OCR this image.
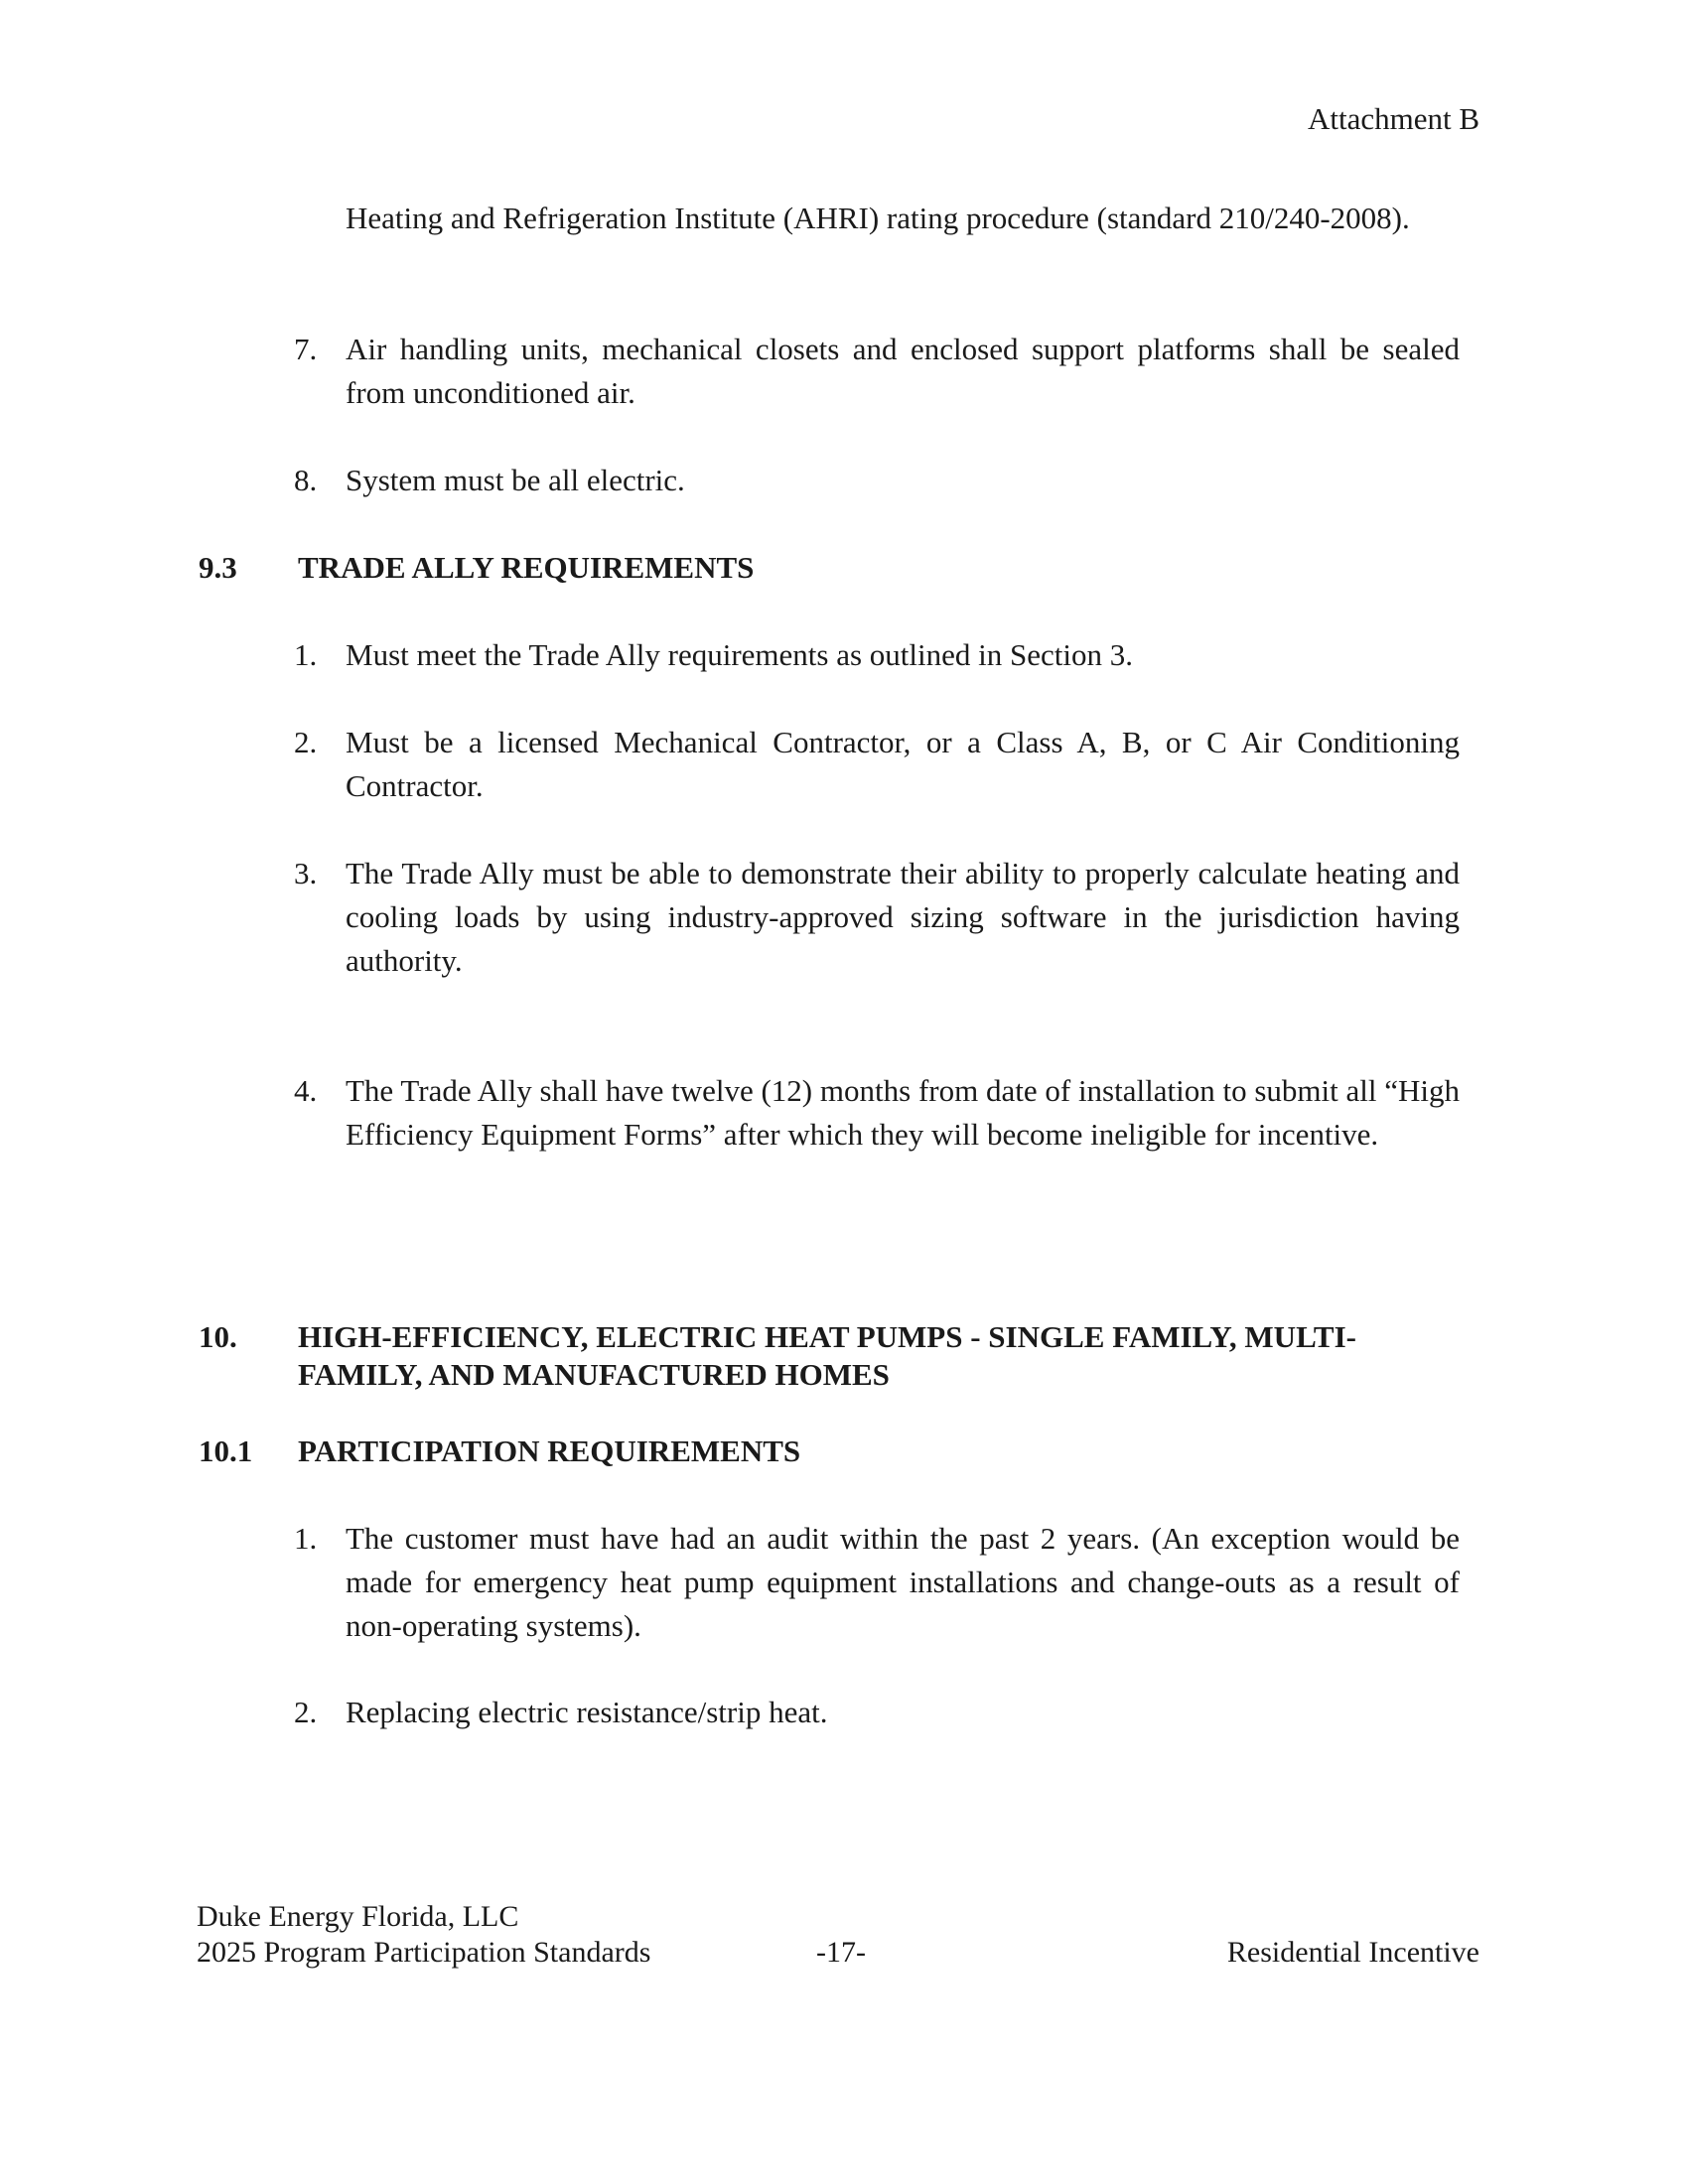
Attachment B
Heating and Refrigeration Institute (AHRI) rating procedure (standard 210/240-2008).
7. Air handling units, mechanical closets and enclosed support platforms shall be sealed from unconditioned air.
8. System must be all electric.
9.3	TRADE ALLY REQUIREMENTS
1. Must meet the Trade Ally requirements as outlined in Section 3.
2. Must be a licensed Mechanical Contractor, or a Class A, B, or C Air Conditioning Contractor.
3. The Trade Ally must be able to demonstrate their ability to properly calculate heating and cooling loads by using industry-approved sizing software in the jurisdiction having authority.
4. The Trade Ally shall have twelve (12) months from date of installation to submit all “High Efficiency Equipment Forms” after which they will become ineligible for incentive.
10.	HIGH-EFFICIENCY, ELECTRIC HEAT PUMPS - SINGLE FAMILY, MULTI-FAMILY, AND MANUFACTURED HOMES
10.1	PARTICIPATION REQUIREMENTS
1. The customer must have had an audit within the past 2 years. (An exception would be made for emergency heat pump equipment installations and change-outs as a result of non-operating systems).
2. Replacing electric resistance/strip heat.
Duke Energy Florida, LLC
2025 Program Participation Standards	-17-	Residential Incentive
